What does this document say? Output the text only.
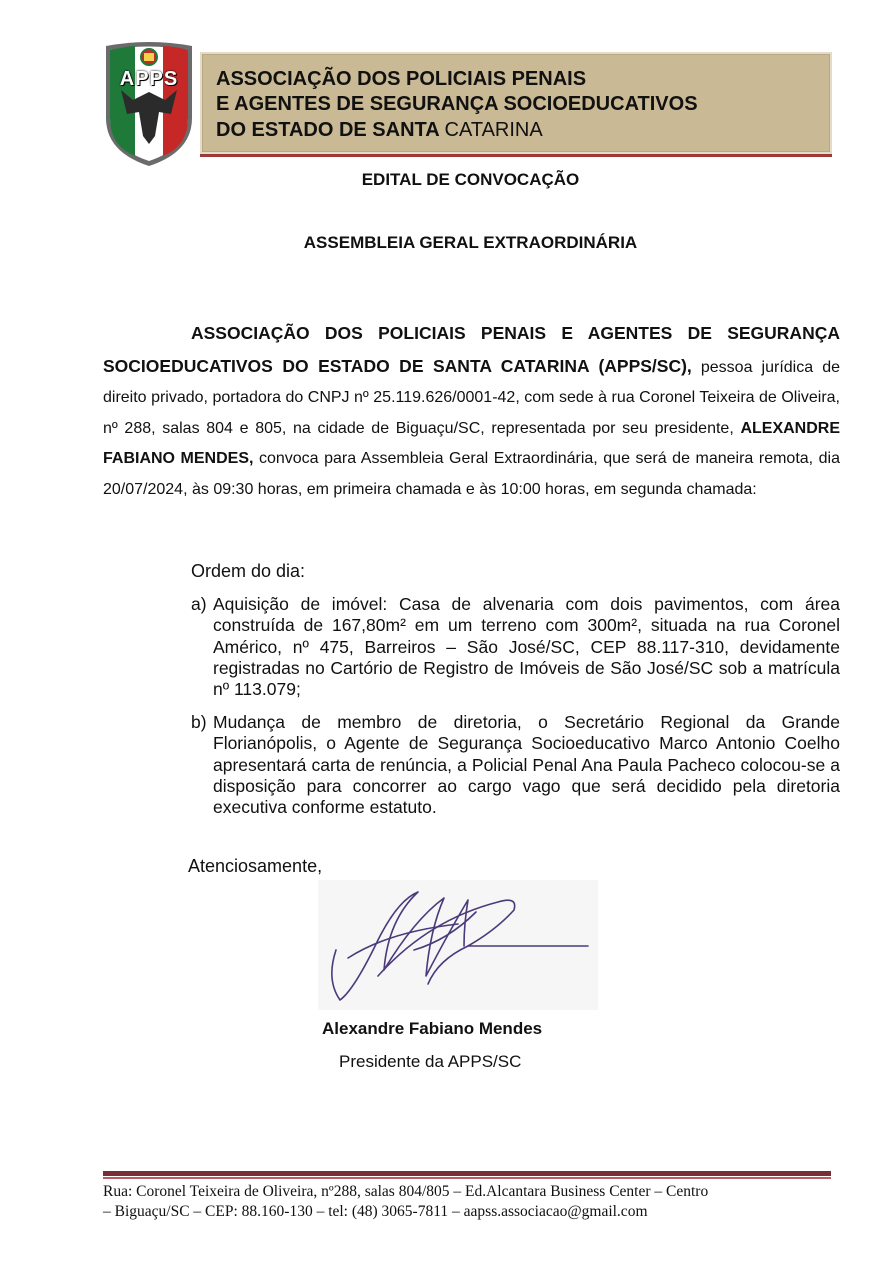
APPS	ASSOCIAÇÃO DOS POLICIAIS PENAIS
E AGENTES DE SEGURANÇA SOCIOEDUCATIVOS
DO ESTADO DE SANTA CATARINA
EDITAL DE CONVOCAÇÃO
ASSEMBLEIA GERAL EXTRAORDINÁRIA
ASSOCIAÇÃO DOS POLICIAIS PENAIS E AGENTES DE SEGURANÇA SOCIOEDUCATIVOS DO ESTADO DE SANTA CATARINA (APPS/SC), pessoa jurídica de direito privado, portadora do CNPJ nº 25.119.626/0001-42, com sede à rua Coronel Teixeira de Oliveira, nº 288, salas 804 e 805, na cidade de Biguaçu/SC, representada por seu presidente, ALEXANDRE FABIANO MENDES, convoca para Assembleia Geral Extraordinária, que será de maneira remota, dia 20/07/2024, às 09:30 horas, em primeira chamada e às 10:00 horas, em segunda chamada:
Ordem do dia:
a) Aquisição de imóvel: Casa de alvenaria com dois pavimentos, com área construída de 167,80m² em um terreno com 300m², situada na rua Coronel Américo, nº 475, Barreiros – São José/SC, CEP 88.117-310, devidamente registradas no Cartório de Registro de Imóveis de São José/SC sob a matrícula nº 113.079;
b) Mudança de membro de diretoria, o Secretário Regional da Grande Florianópolis, o Agente de Segurança Socioeducativo Marco Antonio Coelho apresentará carta de renúncia, a Policial Penal Ana Paula Pacheco colocou-se a disposição para concorrer ao cargo vago que será decidido pela diretoria executiva conforme estatuto.
Atenciosamente,
Alexandre Fabiano Mendes
Presidente da APPS/SC
Rua: Coronel Teixeira de Oliveira, nº288, salas 804/805 – Ed.Alcantara Business Center – Centro
– Biguaçu/SC – CEP: 88.160-130 – tel: (48) 3065-7811 – aapss.associacao@gmail.com
